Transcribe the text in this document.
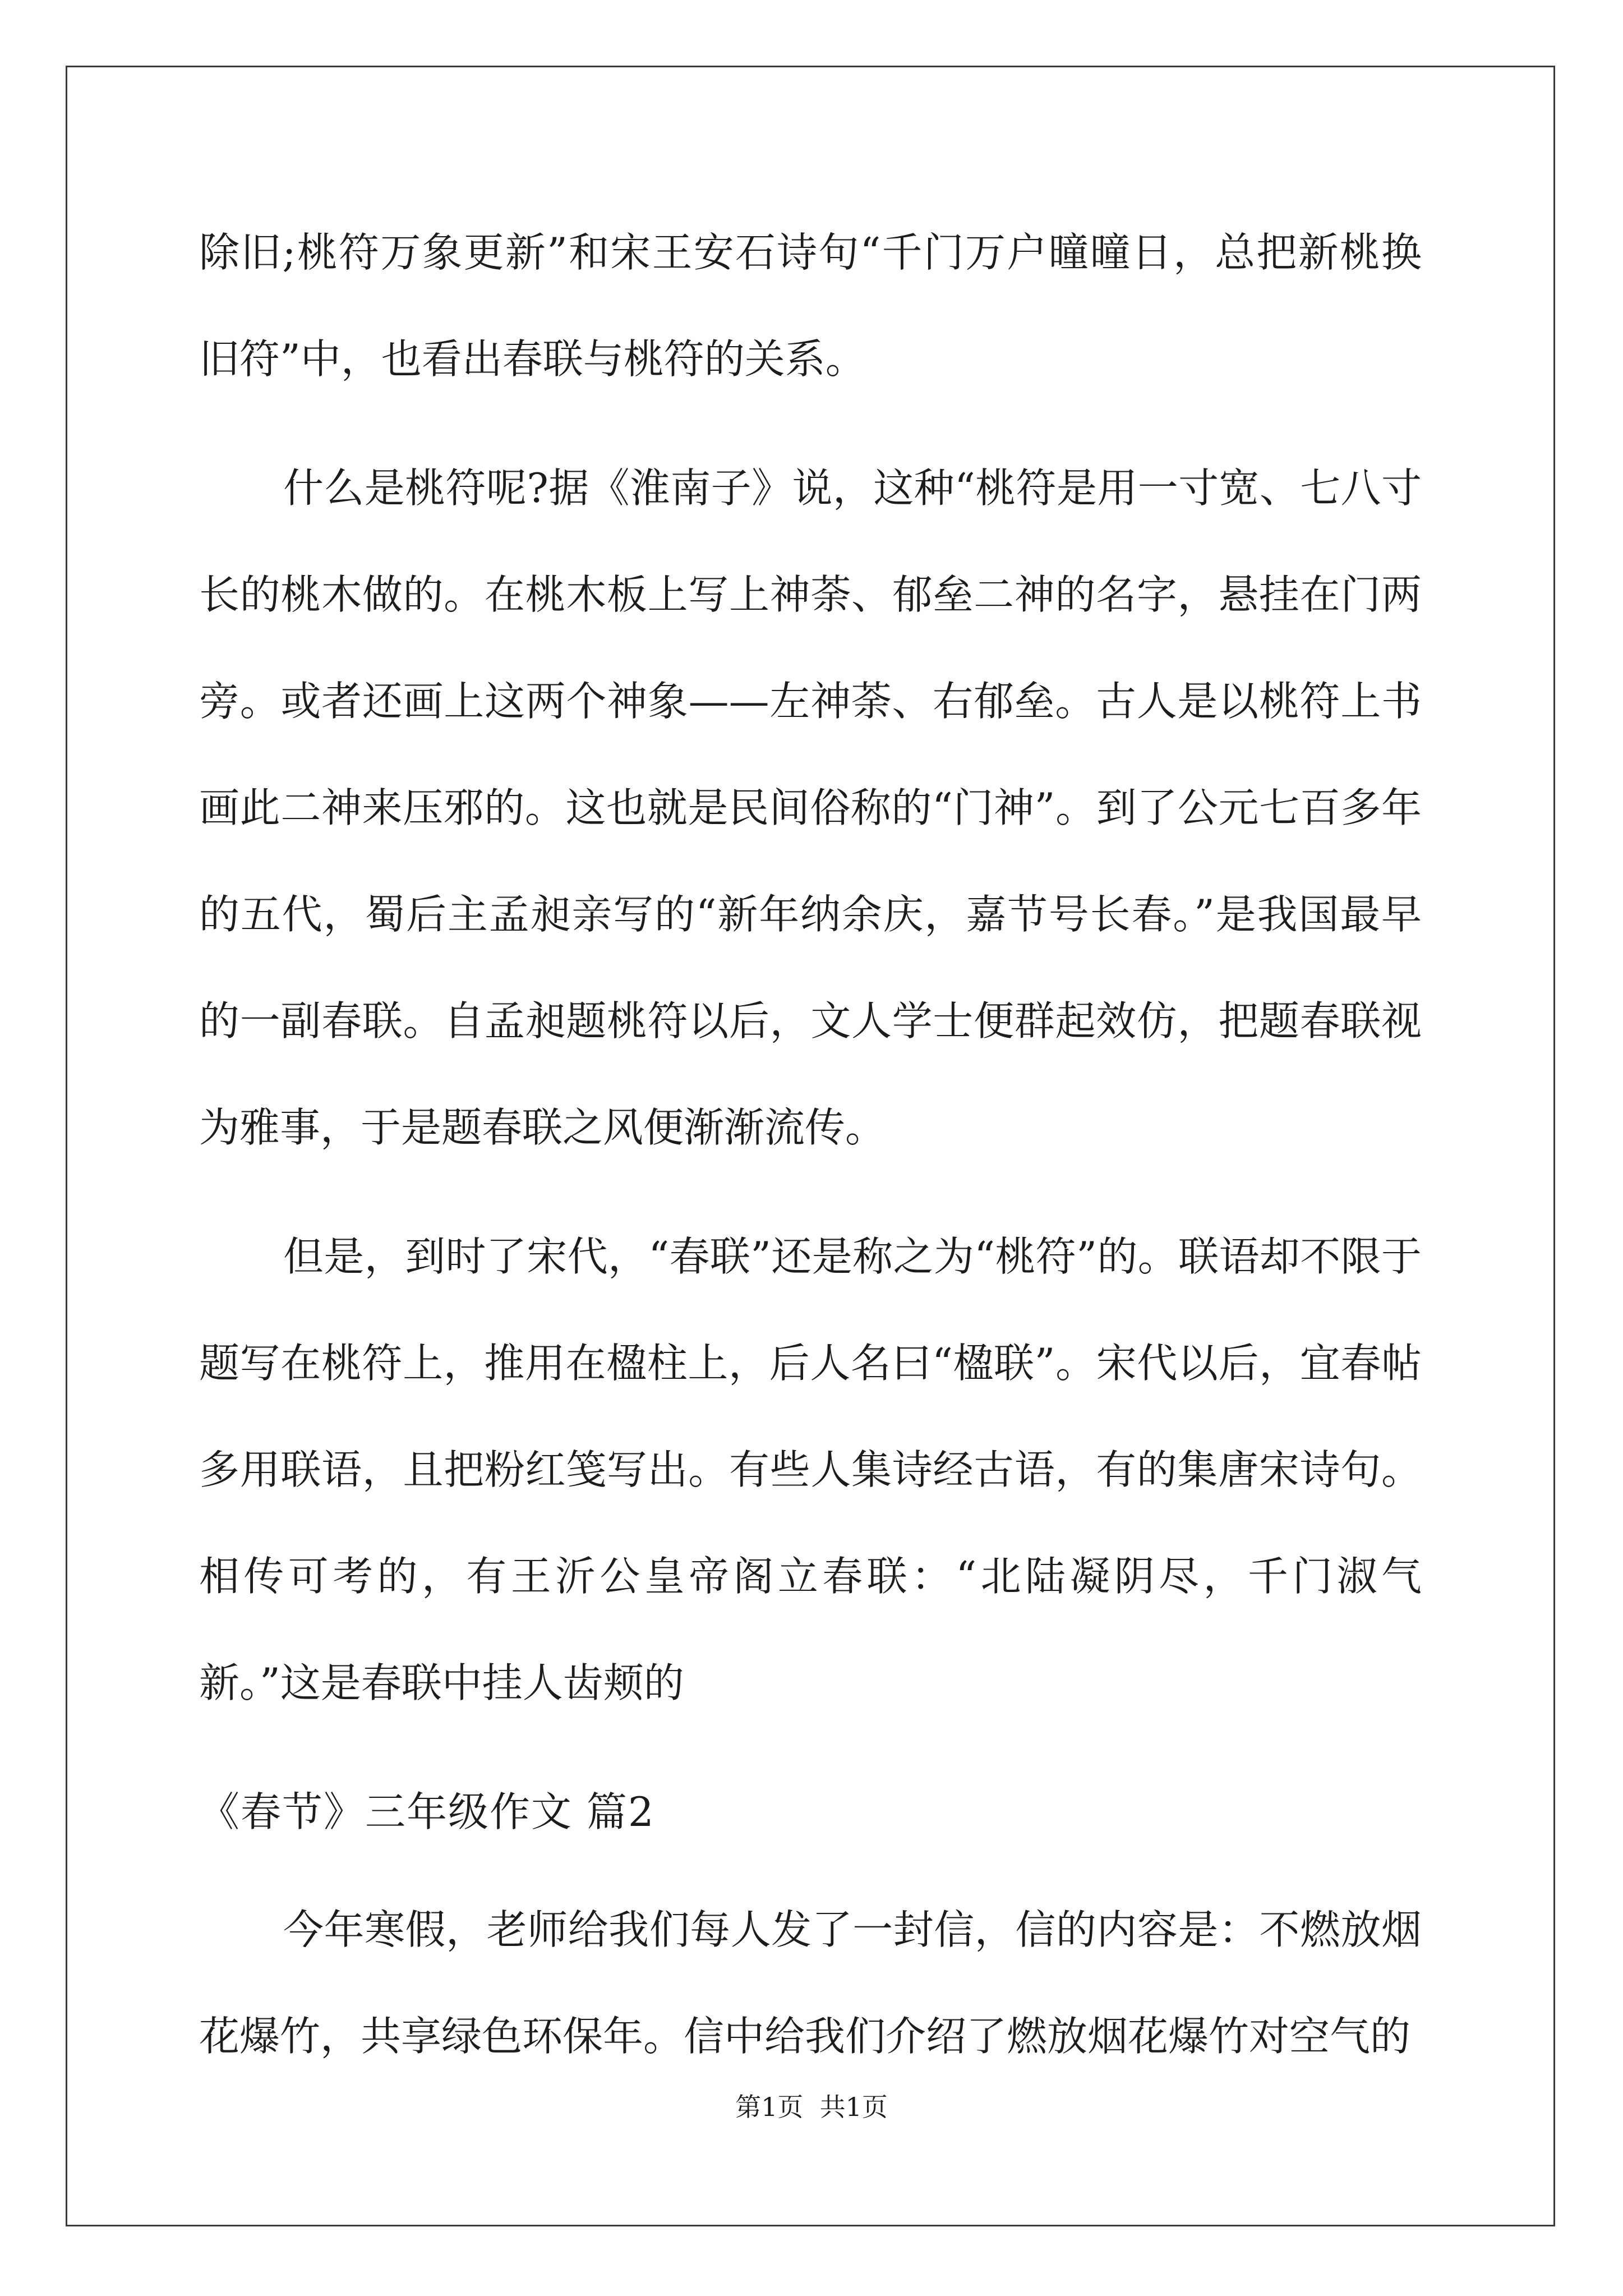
除旧;桃符万象更新”和宋王安石诗句“千门万户曈曈日，总把新桃换旧符”中，也看出春联与桃符的关系。

什么是桃符呢?据《淮南子》说，这种“桃符是用一寸宽、七八寸长的桃木做的。在桃木板上写上神荼、郁垒二神的名字，悬挂在门两旁。或者还画上这两个神象——左神荼、右郁垒。古人是以桃符上书画此二神来压邪的。这也就是民间俗称的“门神”。到了公元七百多年的五代，蜀后主孟昶亲写的“新年纳余庆，嘉节号长春。”是我国最早的一副春联。自孟昶题桃符以后，文人学士便群起效仿，把题春联视为雅事，于是题春联之风便渐渐流传。

但是，到时了宋代，“春联”还是称之为“桃符”的。联语却不限于题写在桃符上，推用在楹柱上，后人名曰“楹联”。宋代以后，宜春帖多用联语，且把粉红笺写出。有些人集诗经古语，有的集唐宋诗句。相传可考的，有王沂公皇帝阁立春联：“北陆凝阴尽，千门淑气新。”这是春联中挂人齿颊的

《春节》三年级作文 篇2

今年寒假，老师给我们每人发了一封信，信的内容是：不燃放烟花爆竹，共享绿色环保年。信中给我们介绍了燃放烟花爆竹对空气的

第1页  共1页
